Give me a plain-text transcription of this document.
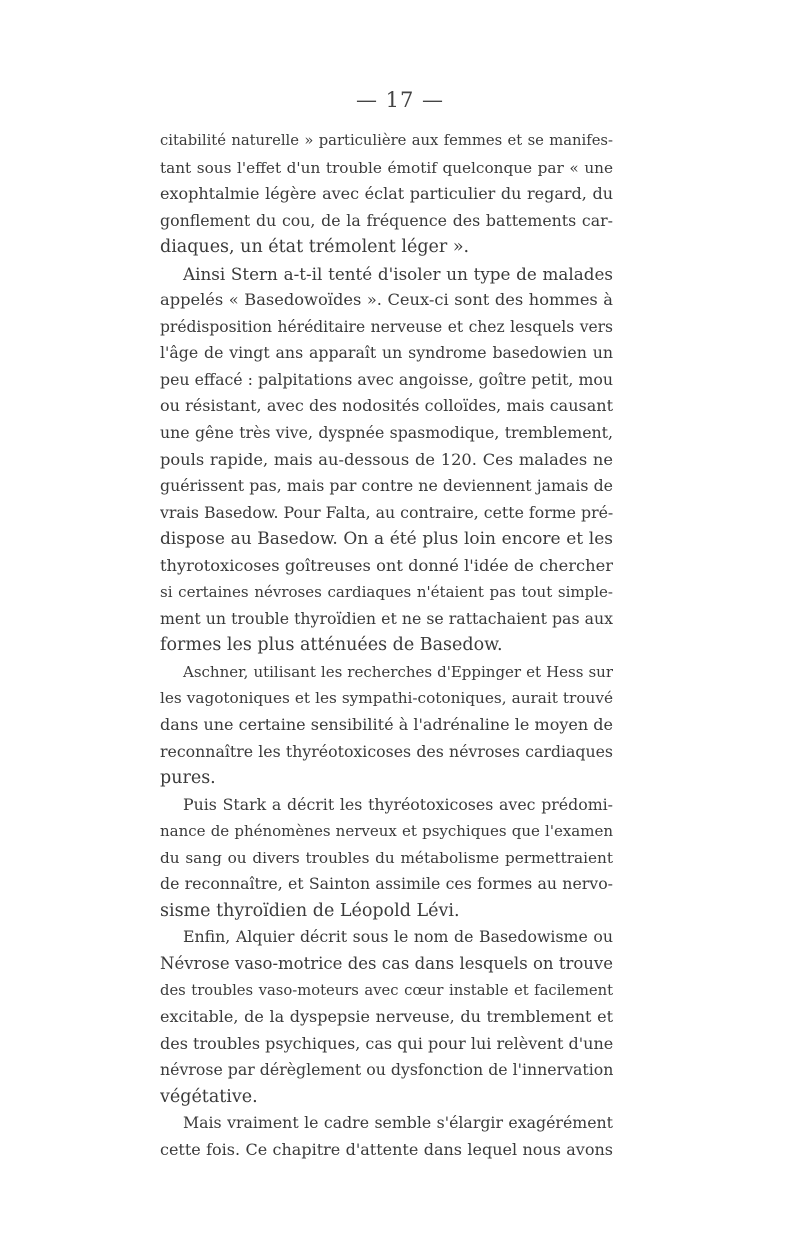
— 17 —
citabilité naturelle » particulière aux femmes et se manifes-
tant sous l'effet d'un trouble émotif quelconque par « une
exophtalmie légère avec éclat particulier du regard, du
gonflement du cou, de la fréquence des battements car-
diaques, un état trémolent léger ».
Ainsi Stern a-t-il tenté d'isoler un type de malades
appelés « Basedowoïdes ». Ceux-ci sont des hommes à
prédisposition héréditaire nerveuse et chez lesquels vers
l'âge de vingt ans apparaît un syndrome basedowien un
peu effacé : palpitations avec angoisse, goître petit, mou
ou résistant, avec des nodosités colloïdes, mais causant
une gêne très vive, dyspnée spasmodique, tremblement,
pouls rapide, mais au-dessous de 120. Ces malades ne
guérissent pas, mais par contre ne deviennent jamais de
vrais Basedow. Pour Falta, au contraire, cette forme pré-
dispose au Basedow. On a été plus loin encore et les
thyrotoxicoses goîtreuses ont donné l'idée de chercher
si certaines névroses cardiaques n'étaient pas tout simple-
ment un trouble thyroïdien et ne se rattachaient pas aux
formes les plus atténuées de Basedow.
Aschner, utilisant les recherches d'Eppinger et Hess sur
les vagotoniques et les sympathi-cotoniques, aurait trouvé
dans une certaine sensibilité à l'adrénaline le moyen de
reconnaître les thyréotoxicoses des névroses cardiaques
pures.
Puis Stark a décrit les thyréotoxicoses avec prédomi-
nance de phénomènes nerveux et psychiques que l'examen
du sang ou divers troubles du métabolisme permettraient
de reconnaître, et Sainton assimile ces formes au nervo-
sisme thyroïdien de Léopold Lévi.
Enfin, Alquier décrit sous le nom de Basedowisme ou
Névrose vaso-motrice des cas dans lesquels on trouve
des troubles vaso-moteurs avec cœur instable et facilement
excitable, de la dyspepsie nerveuse, du tremblement et
des troubles psychiques, cas qui pour lui relèvent d'une
névrose par dérèglement ou dysfonction de l'innervation
végétative.
Mais vraiment le cadre semble s'élargir exagérément
cette fois. Ce chapitre d'attente dans lequel nous avons
